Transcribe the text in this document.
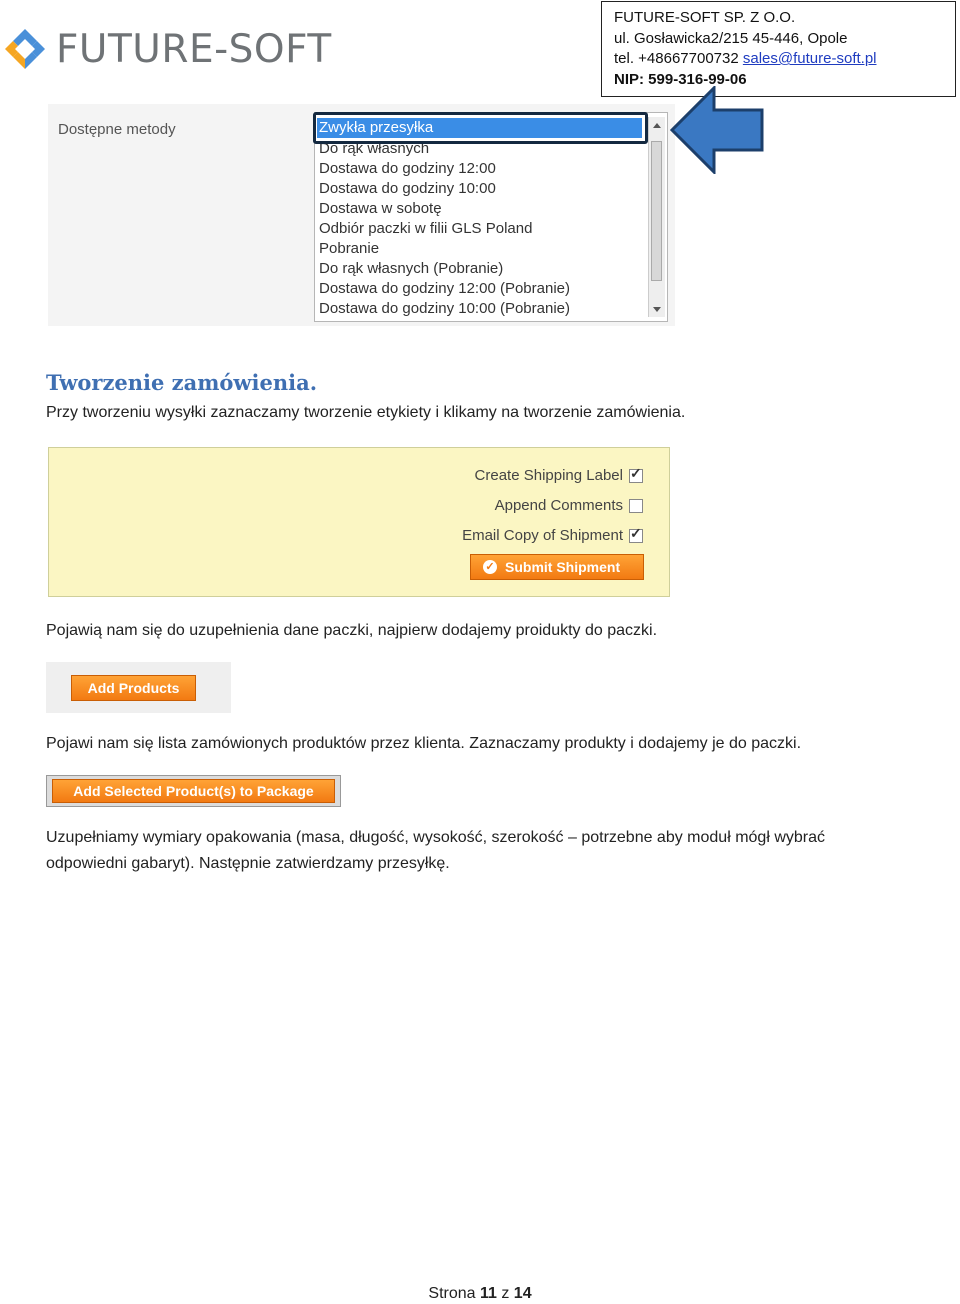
FUTURE-SOFT
FUTURE-SOFT SP. Z O.O.
ul. Gosławicka2/215 45-446, Opole
tel. +48667700732 sales@future-soft.pl
NIP: 599-316-99-06
Dostępne metody	Zwykła przesyłka
Do rąk własnych
Dostawa do godziny 12:00
Dostawa do godziny 10:00
Dostawa w sobotę
Odbiór paczki w filii GLS Poland
Pobranie
Do rąk własnych (Pobranie)
Dostawa do godziny 12:00 (Pobranie)
Dostawa do godziny 10:00 (Pobranie)
Tworzenie zamówienia.
Przy tworzeniu wysyłki zaznaczamy tworzenie etykiety i klikamy na tworzenie zamówienia.
Create Shipping Label
✓
Append Comments
Email Copy of Shipment
✓
✓ Submit Shipment
Pojawią nam się do uzupełnienia dane paczki, najpierw dodajemy proidukty do paczki.
Add Products
Pojawi nam się lista zamówionych produktów przez klienta. Zaznaczamy produkty i dodajemy je do paczki.
Add Selected Product(s) to Package
Uzupełniamy wymiary opakowania (masa, długość, wysokość, szerokość – potrzebne aby moduł mógł wybrać
odpowiedni gabaryt). Następnie zatwierdzamy przesyłkę.
Strona 11 z 14
